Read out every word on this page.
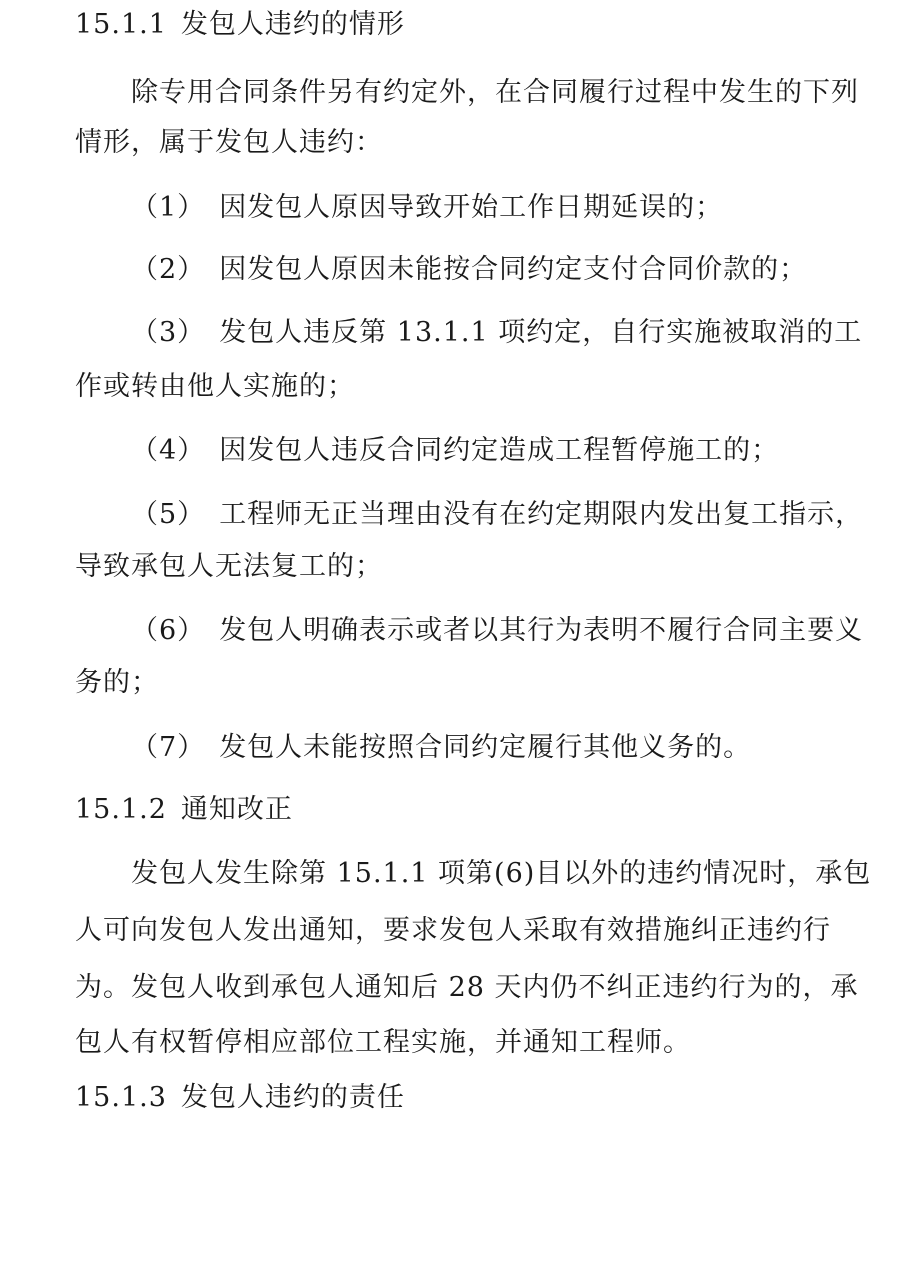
15.1.1 发包人违约的情形
除专用合同条件另有约定外，在合同履行过程中发生的下列
情形，属于发包人违约：
（1） 因发包人原因导致开始工作日期延误的；
（2） 因发包人原因未能按合同约定支付合同价款的；
（3） 发包人违反第 13.1.1 项约定，自行实施被取消的工
作或转由他人实施的；
（4） 因发包人违反合同约定造成工程暂停施工的；
（5） 工程师无正当理由没有在约定期限内发出复工指示，
导致承包人无法复工的；
（6） 发包人明确表示或者以其行为表明不履行合同主要义
务的；
（7） 发包人未能按照合同约定履行其他义务的。
15.1.2 通知改正
发包人发生除第 15.1.1 项第(6)目以外的违约情况时，承包
人可向发包人发出通知，要求发包人采取有效措施纠正违约行
为。发包人收到承包人通知后 28 天内仍不纠正违约行为的，承
包人有权暂停相应部位工程实施，并通知工程师。
15.1.3 发包人违约的责任
